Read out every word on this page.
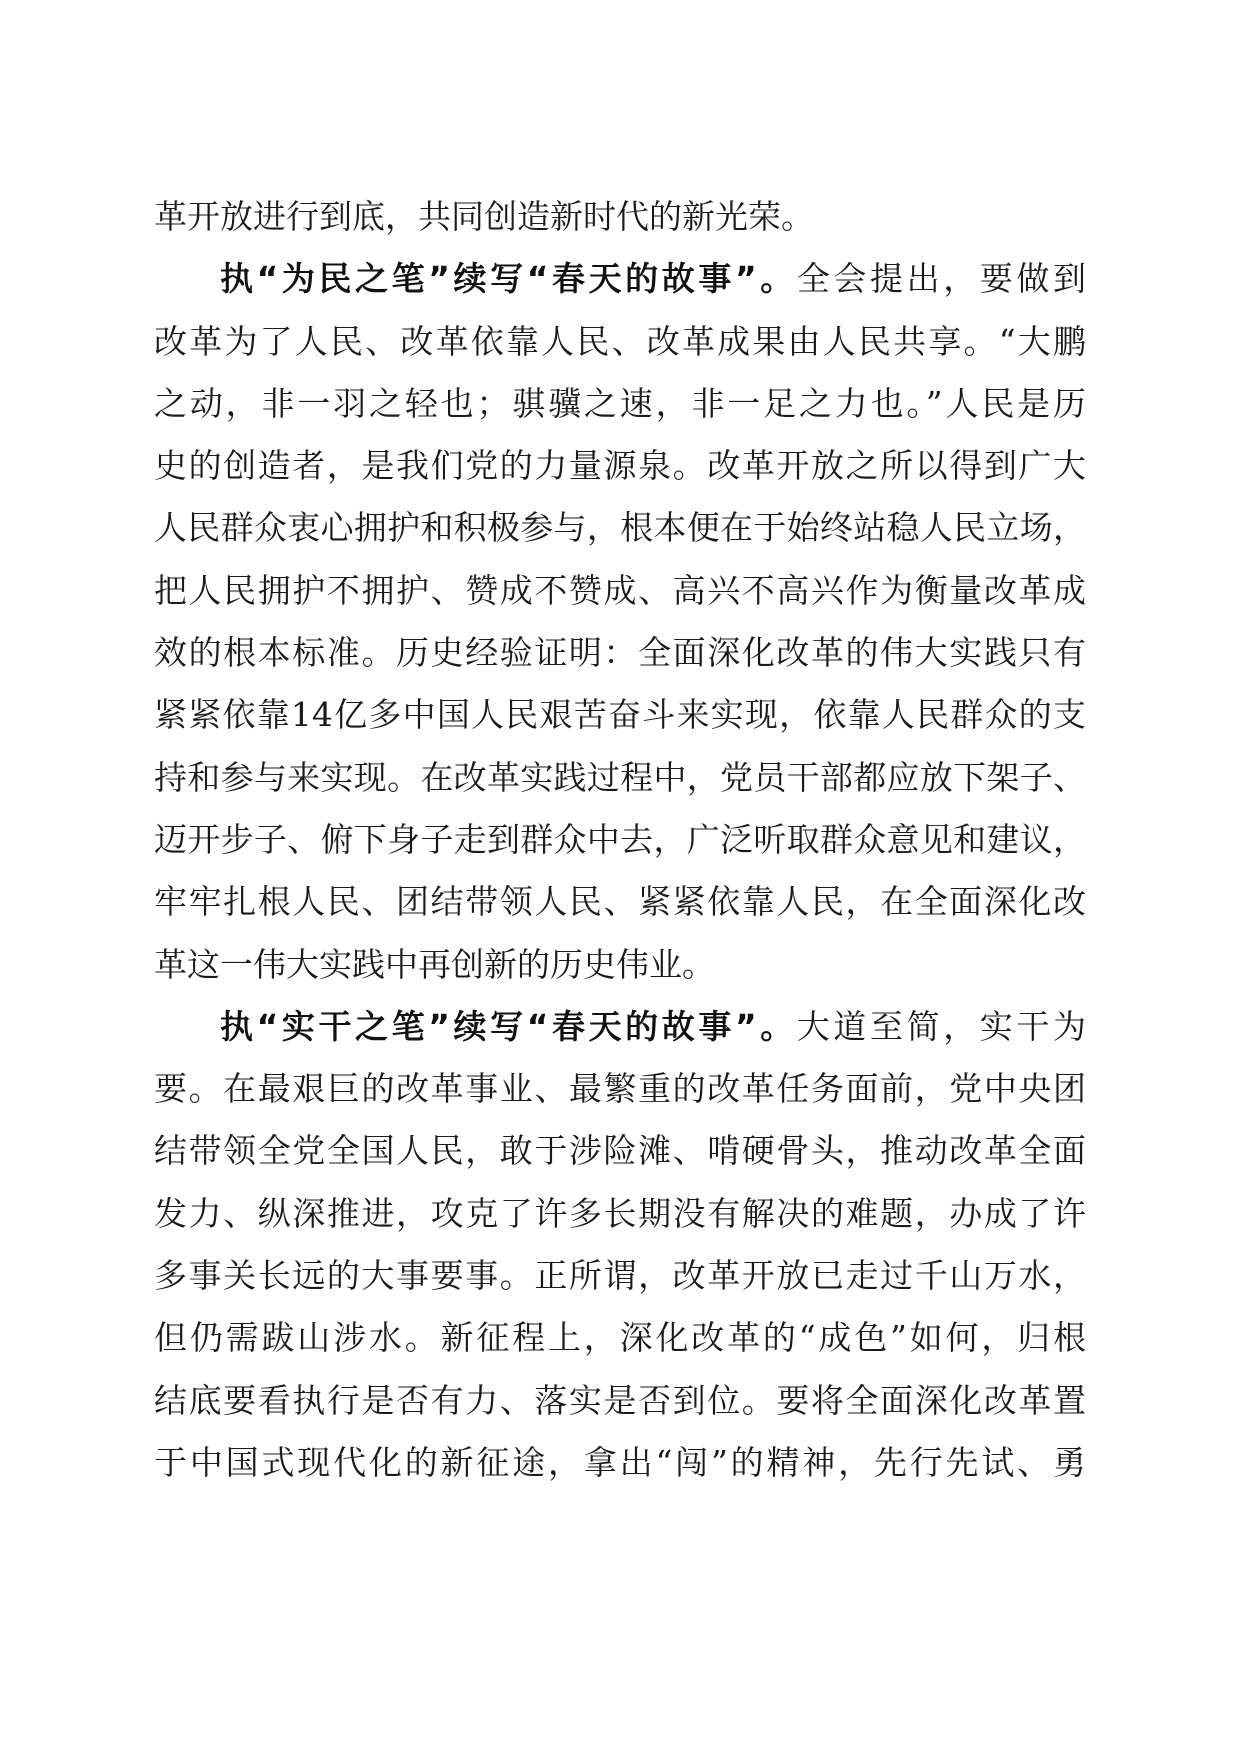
革开放进行到底，共同创造新时代的新光荣。
执“为民之笔”续写“春天的故事”。全会提出，要做到
改革为了人民、改革依靠人民、改革成果由人民共享。“大鹏
之动，非一羽之轻也；骐骥之速，非一足之力也。”人民是历
史的创造者，是我们党的力量源泉。改革开放之所以得到广大
人民群众衷心拥护和积极参与，根本便在于始终站稳人民立场，
把人民拥护不拥护、赞成不赞成、高兴不高兴作为衡量改革成
效的根本标准。历史经验证明：全面深化改革的伟大实践只有
紧紧依靠14亿多中国人民艰苦奋斗来实现，依靠人民群众的支
持和参与来实现。在改革实践过程中，党员干部都应放下架子、
迈开步子、俯下身子走到群众中去，广泛听取群众意见和建议，
牢牢扎根人民、团结带领人民、紧紧依靠人民，在全面深化改
革这一伟大实践中再创新的历史伟业。
执“实干之笔”续写“春天的故事”。大道至简，实干为
要。在最艰巨的改革事业、最繁重的改革任务面前，党中央团
结带领全党全国人民，敢于涉险滩、啃硬骨头，推动改革全面
发力、纵深推进，攻克了许多长期没有解决的难题，办成了许
多事关长远的大事要事。正所谓，改革开放已走过千山万水，
但仍需跋山涉水。新征程上，深化改革的“成色”如何，归根
结底要看执行是否有力、落实是否到位。要将全面深化改革置
于中国式现代化的新征途，拿出“闯”的精神，先行先试、勇
